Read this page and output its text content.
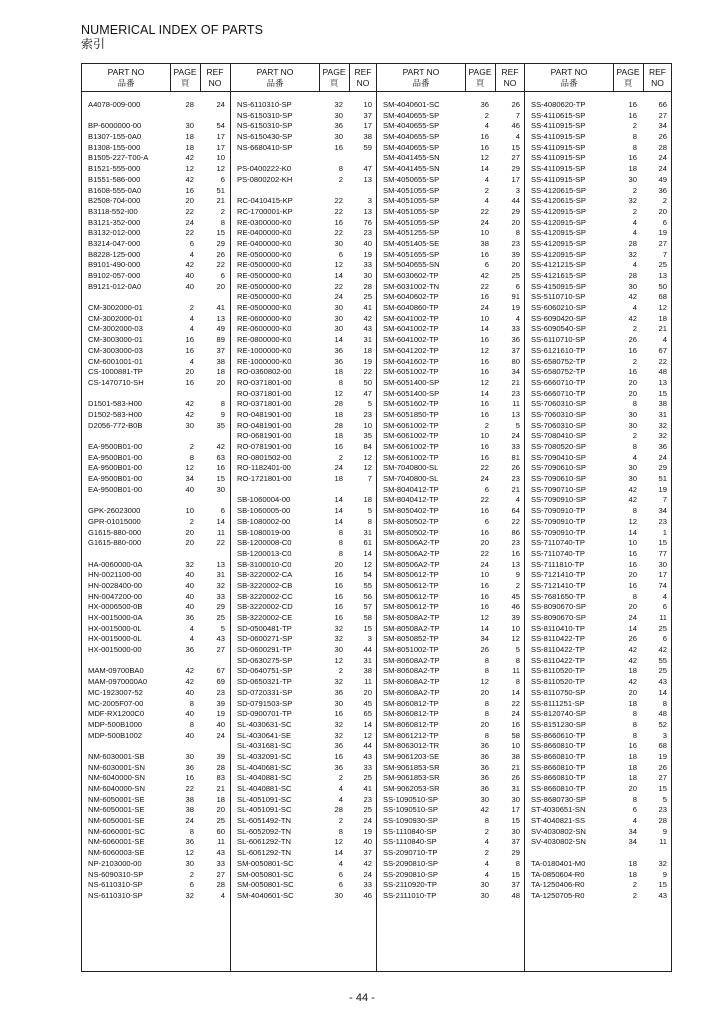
NUMERICAL INDEX OF PARTS
索引
PART NO
品番
PAGE
頁
REF
NO
A4078-009-000	28	24
BP-6000000-00	30	54
B1307-155-0A0	18	17
B1308-155-000	18	17
B1505-227-T00-A	42	10
B1521-555-000	12	12
B1551-586-000	42	6
B1608-555-0A0	16	51
B2508-704-000	20	21
B3118-552-I00	22	2
B3121-352-000	24	8
B3132-012-000	22	15
B3214-047-000	6	29
B8228-125-000	4	26
B9101-490-000	42	22
B9102-057-000	40	6
B9121-012-0A0	40	20
CM-3002000-01	2	41
CM-3002000-01	4	13
CM-3002000-03	4	49
CM-3003000-01	16	89
CM-3003000-03	16	37
CM-6001001-01	4	38
CS-1000881-TP	20	18
CS-1470710-SH	16	20
D1501-583-H00	42	8
D1502-583-H00	42	9
D2056-772-B0B	30	35
EA-9500B01-00	2	42
EA-9500B01-00	8	63
EA-9500B01-00	12	16
EA-9500B01-00	34	15
EA-9500B01-00	40	30
GPK-26023000	10	6
GPR-01015000	2	14
G1615-880-000	20	11
G1615-880-000	20	22
HA-0060000-0A	32	13
HN-0021100-00	40	31
HN-0028400-00	40	32
HN-0047200-00	40	33
HX-0006500-0B	40	29
HX-0015000-0A	36	25
HX-0015000-0L	4	5
HX-0015000-0L	4	43
HX-0015000-00	36	27
MAM-09700BA0	42	67
MAM-0970000A0	42	69
MC-1923007-52	40	23
MC-2005F07-00	8	39
MDF-RX1200C0	40	19
MDP-500B1000	8	40
MDP-500B1002	40	24
NM-6030001-SB	30	39
NM-6030001-SN	36	28
NM-6040000-SN	16	83
NM-6040000-SN	22	21
NM-6050001-SE	38	18
NM-6050001-SE	38	20
NM-6050001-SE	24	25
NM-6060001-SC	8	60
NM-6060001-SE	36	11
NM-6060003-SE	12	43
NP-2103000-00	30	33
NS-6090310-SP	2	27
NS-6110310-SP	6	28
NS-6110310-SP	32	4
PART NO
品番
PAGE
頁
REF
NO
NS-6110310-SP	32	10
NS-6150310-SP	30	37
NS-6150310-SP	36	17
NS-6150430-SP	30	38
NS-6680410-SP	16	59
PS-0400222-K0	8	47
PS-0800202-KH	2	13
RC-0410415-KP	22	3
RC-1700001-KP	22	13
RE-0300000-K0	16	76
RE-0400000-K0	22	23
RE-0400000-K0	30	40
RE-0500000-K0	6	19
RE-0500000-K0	12	33
RE-0500000-K0	14	30
RE-0500000-K0	22	28
RE-0500000-K0	24	25
RE-0500000-K0	30	41
RE-0600000-K0	30	42
RE-0600000-K0	30	43
RE-0800000-K0	14	31
RE-1000000-K0	36	18
RE-1000000-K0	36	19
RO-0360802-00	18	22
RO-0371801-00	8	50
RO-0371801-00	12	47
RO-0371801-00	28	5
RO-0481901-00	18	23
RO-0481901-00	28	10
RO-0681901-00	18	35
RO-0781901-00	16	84
RO-0801502-00	2	12
RO-1182401-00	24	12
RO-1721801-00	18	7
SB-1060004-00	14	18
SB-1060005-00	14	5
SB-1080002-00	14	8
SB-1080019-00	8	31
SB-1200008-C0	8	61
SB-1200013-C0	8	14
SB-3100010-C0	20	12
SB-3220002-CA	16	54
SB-3220002-CB	16	55
SB-3220002-CC	16	56
SB-3220002-CD	16	57
SB-3220002-CE	16	58
SD-0500481-TP	32	15
SD-0600271-SP	32	3
SD-0600291-TP	30	44
SD-0630275-SP	12	31
SD-0640751-SP	2	38
SD-0650321-TP	32	11
SD-0720331-SP	36	20
SD-0791503-SP	30	45
SD-0900701-TP	16	65
SL-4030631-SC	32	14
SL-4030641-SE	32	12
SL-4031681-SC	36	44
SL-4032091-SC	16	43
SL-4040681-SC	36	33
SL-4040881-SC	2	25
SL-4040881-SC	4	41
SL-4051091-SC	4	23
SL-4051091-SC	28	25
SL-6051492-TN	2	24
SL-6052092-TN	8	19
SL-6061292-TN	12	40
SL-6061292-TN	14	37
SM-0050801-SC	4	42
SM-0050801-SC	6	24
SM-0050801-SC	6	33
SM-4040601-SC	30	46
PART NO
品番
PAGE
頁
REF
NO
SM-4040601-SC	36	26
SM-4040655-SP	2	7
SM-4040655-SP	4	46
SM-4040655-SP	16	4
SM-4040655-SP	16	15
SM-4041455-SN	12	27
SM-4041455-SN	14	29
SM-4050655-SP	4	17
SM-4051055-SP	2	3
SM-4051055-SP	4	44
SM-4051055-SP	22	29
SM-4051055-SP	24	20
SM-4051255-SP	10	8
SM-4051405-SE	38	23
SM-4051655-SP	16	39
SM-5040655-SN	6	20
SM-6030602-TP	42	25
SM-6031002-TN	22	6
SM-6040602-TP	16	91
SM-6040860-TP	24	19
SM-6041002-TP	10	4
SM-6041002-TP	14	33
SM-6041002-TP	16	36
SM-6041202-TP	12	37
SM-6041602-TP	16	80
SM-6051002-TP	16	34
SM-6051400-SP	12	21
SM-6051400-SP	14	23
SM-6051602-TP	16	11
SM-6051850-TP	16	13
SM-6061002-TP	2	5
SM-6061002-TP	10	24
SM-6061002-TP	16	33
SM-6061002-TP	16	81
SM-7040800-SL	22	26
SM-7040800-SL	24	23
SM-8040412-TP	6	21
SM-8040412-TP	22	4
SM-8050402-TP	16	64
SM-8050502-TP	6	22
SM-8050502-TP	16	86
SM-80506A2-TP	20	23
SM-80506A2-TP	22	16
SM-80506A2-TP	24	13
SM-8050612-TP	10	9
SM-8050612-TP	16	2
SM-8050612-TP	16	45
SM-8050612-TP	16	46
SM-80508A2-TP	12	39
SM-80508A2-TP	14	10
SM-8050852-TP	34	12
SM-8051002-TP	26	5
SM-80608A2-TP	8	8
SM-80608A2-TP	8	11
SM-80608A2-TP	12	8
SM-80608A2-TP	20	14
SM-8060812-TP	8	22
SM-8060812-TP	8	24
SM-8060812-TP	20	16
SM-8061212-TP	8	58
SM-8063012-TR	36	10
SM-9061203-SE	36	38
SM-9061853-SR	36	21
SM-9061853-SR	36	26
SM-9062053-SR	36	31
SS-1090510-SP	30	30
SS-1090510-SP	42	17
SS-1090930-SP	8	15
SS-1110840-SP	2	30
SS-1110840-SP	4	37
SS-2090710-TP	2	29
SS-2090810-SP	4	8
SS-2090810-SP	4	15
SS-2110920-TP	30	37
SS-2111010-TP	30	48
PART NO
品番
PAGE
頁
REF
NO
SS-4080620-TP	16	66
SS-4110615-SP	16	27
SS-4110915-SP	2	34
SS-4110915-SP	8	26
SS-4110915-SP	8	28
SS-4110915-SP	16	24
SS-4110915-SP	18	24
SS-4110915-SP	30	49
SS-4120615-SP	2	36
SS-4120615-SP	32	2
SS-4120915-SP	2	20
SS-4120915-SP	4	6
SS-4120915-SP	4	19
SS-4120915-SP	28	27
SS-4120915-SP	32	7
SS-4121215-SP	4	25
SS-4121615-SP	28	13
SS-4150915-SP	30	50
SS-5110710-SP	42	68
SS-6060210-SP	4	12
SS-6090420-SP	42	18
SS-6090540-SP	2	21
SS-6110710-SP	26	4
SS-6121610-TP	16	67
SS-6580752-TP	2	22
SS-6580752-TP	16	48
SS-6660710-TP	20	13
SS-6660710-TP	20	15
SS-7060310-SP	8	38
SS-7060310-SP	30	31
SS-7060310-SP	30	32
SS-7080410-SP	2	32
SS-7080520-SP	8	36
SS-7090410-SP	4	24
SS-7090610-SP	30	29
SS-7090610-SP	30	51
SS-7090710-SP	42	19
SS-7090910-SP	42	7
SS-7090910-TP	8	34
SS-7090910-TP	12	23
SS-7090910-TP	14	1
SS-7110740-TP	10	15
SS-7110740-TP	16	77
SS-7111810-TP	16	30
SS-7121410-TP	20	17
SS-7121410-TP	16	74
SS-7681650-TP	8	4
SS-8090670-SP	20	6
SS-8090670-SP	24	11
SS-8110410-TP	14	25
SS-8110422-TP	26	6
SS-8110422-TP	42	42
SS-8110422-TP	42	55
SS-8110520-TP	18	25
SS-8110520-TP	42	43
SS-8110750-SP	20	14
SS-8111251-SP	18	8
SS-8120740-SP	8	48
SS-8151230-SP	8	52
SS-8660610-TP	8	3
SS-8660810-TP	16	68
SS-8660810-TP	18	19
SS-8660810-TP	18	26
SS-8660810-TP	18	27
SS-8660810-TP	20	15
SS-8680730-SP	8	5
ST-4030651-SN	6	23
ST-4040821-SS	4	28
SV-4030802-SN	34	9
SV-4030802-SN	34	11
TA-0180401-M0	18	32
TA-0850604-R0	18	9
TA-1250406-R0	2	15
TA-1250705-R0	2	43
- 44 -
